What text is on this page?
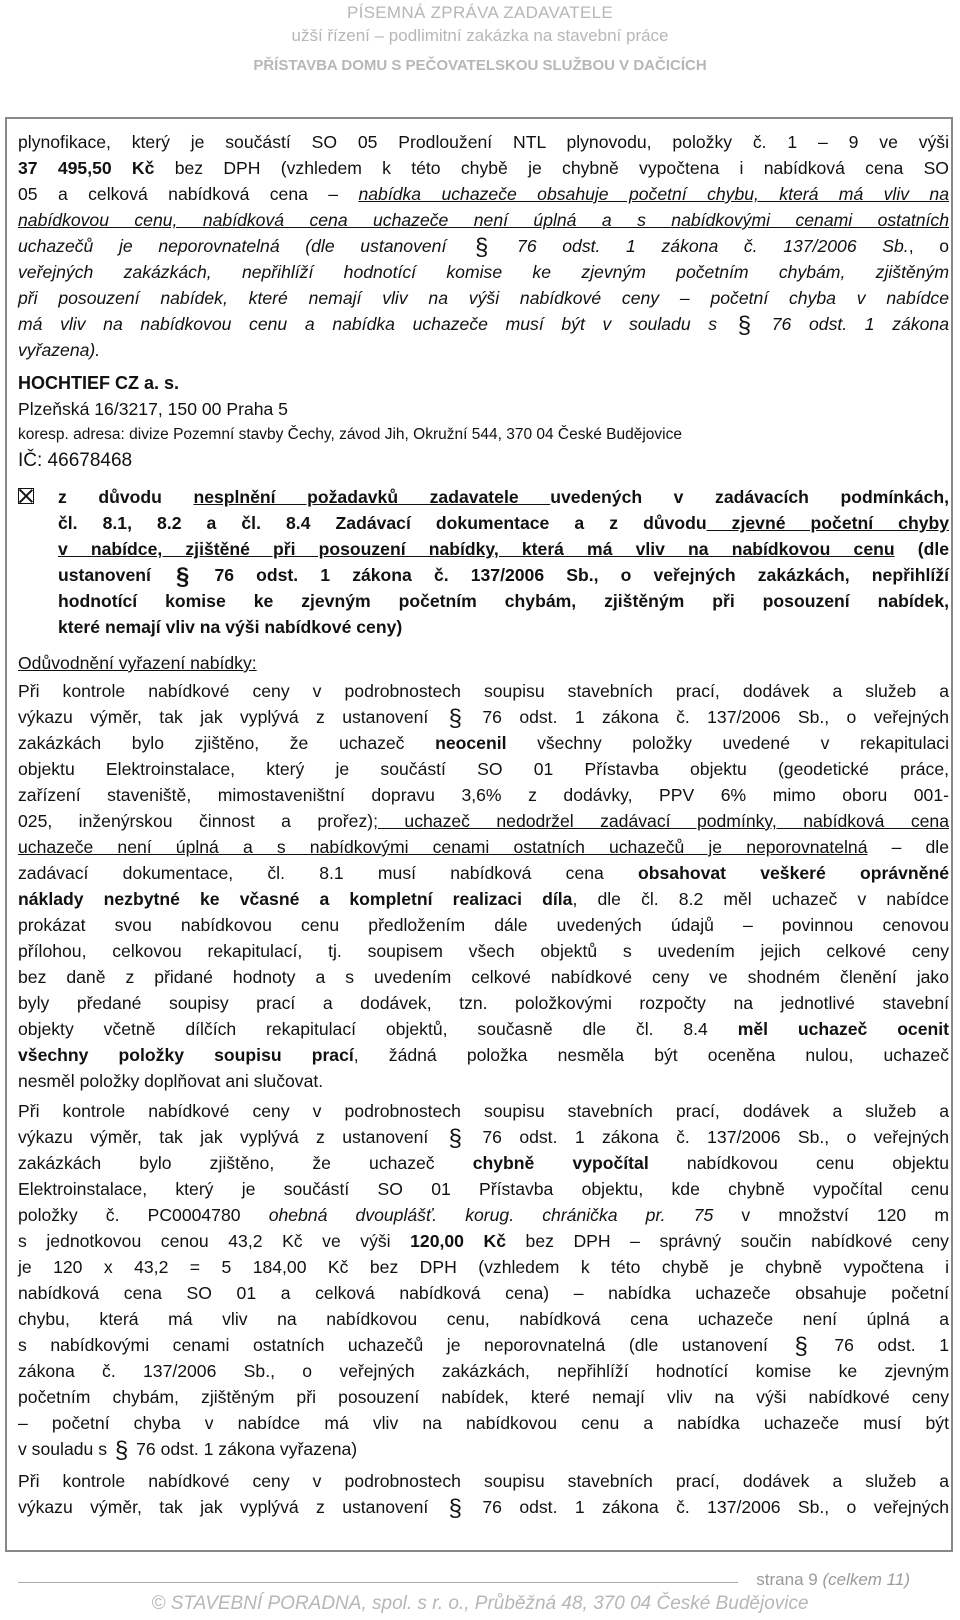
PÍSEMNÁ ZPRÁVA ZADAVATELE
užší řízení – podlimitní zakázka na stavební práce
PŘÍSTAVBA DOMU S PEČOVATELSKOU SLUŽBOU V DAČICÍCH
plynofikace, který je součástí SO 05 Prodloužení NTL plynovodu, položky č. 1 – 9 ve výši
37 495,50 Kč bez DPH (vzhledem k této chybě je chybně vypočtena i nabídková cena SO
05 a celková nabídková cena – nabídka uchazeče obsahuje početní chybu, která má vliv na
nabídkovou cenu, nabídková cena uchazeče není úplná a s nabídkovými cenami ostatních
uchazečů je neporovnatelná (dle ustanovení § 76 odst. 1 zákona č. 137/2006 Sb., o
veřejných zakázkách, nepřihlíží hodnotící komise ke zjevným početním chybám, zjištěným
při posouzení nabídek, které nemají vliv na výši nabídkové ceny – početní chyba v nabídce
má vliv na nabídkovou cenu a nabídka uchazeče musí být v souladu s § 76 odst. 1 zákona
vyřazena).
HOCHTIEF CZ a. s.
Plzeňská 16/3217, 150 00 Praha 5
koresp. adresa: divize Pozemní stavby Čechy, závod Jih, Okružní 544, 370 04 České Budějovice
IČ: 46678468
z důvodu nesplnění požadavků zadavatele uvedených v zadávacích podmínkách,
čl. 8.1, 8.2 a čl. 8.4 Zadávací dokumentace a z důvodu zjevné početní chyby
v nabídce, zjištěné při posouzení nabídky, která má vliv na nabídkovou cenu (dle
ustanovení § 76 odst. 1 zákona č. 137/2006 Sb., o veřejných zakázkách, nepřihlíží
hodnotící komise ke zjevným početním chybám, zjištěným při posouzení nabídek,
které nemají vliv na výši nabídkové ceny)
Odůvodnění vyřazení nabídky:
Při kontrole nabídkové ceny v podrobnostech soupisu stavebních prací, dodávek a služeb a
výkazu výměr, tak jak vyplývá z ustanovení § 76 odst. 1 zákona č. 137/2006 Sb., o veřejných
zakázkách bylo zjištěno, že uchazeč neocenil všechny položky uvedené v rekapitulaci
objektu Elektroinstalace, který je součástí SO 01 Přístavba objektu (geodetické práce,
zařízení staveniště, mimostaveništní dopravu 3,6% z dodávky, PPV 6% mimo oboru 001-
025, inženýrskou činnost a prořez); uchazeč nedodržel zadávací podmínky, nabídková cena
uchazeče není úplná a s nabídkovými cenami ostatních uchazečů je neporovnatelná – dle
zadávací dokumentace, čl. 8.1 musí nabídková cena obsahovat veškeré oprávněné
náklady nezbytné ke včasné a kompletní realizaci díla, dle čl. 8.2 měl uchazeč v nabídce
prokázat svou nabídkovou cenu předložením dále uvedených údajů – povinnou cenovou
přílohou, celkovou rekapitulací, tj. soupisem všech objektů s uvedením jejich celkové ceny
bez daně z přidané hodnoty a s uvedením celkové nabídkové ceny ve shodném členění jako
byly předané soupisy prací a dodávek, tzn. položkovými rozpočty na jednotlivé stavební
objekty včetně dílčích rekapitulací objektů, současně dle čl. 8.4 měl uchazeč ocenit
všechny položky soupisu prací, žádná položka nesměla být oceněna nulou, uchazeč
nesměl položky doplňovat ani slučovat.
Při kontrole nabídkové ceny v podrobnostech soupisu stavebních prací, dodávek a služeb a
výkazu výměr, tak jak vyplývá z ustanovení § 76 odst. 1 zákona č. 137/2006 Sb., o veřejných
zakázkách bylo zjištěno, že uchazeč chybně vypočítal nabídkovou cenu objektu
Elektroinstalace, který je součástí SO 01 Přístavba objektu, kde chybně vypočítal cenu
položky č. PC0004780 ohebná dvouplášť. korug. chránička pr. 75 v množství 120 m
s jednotkovou cenou 43,2 Kč ve výši 120,00 Kč bez DPH – správný součin nabídkové ceny
je 120 x 43,2 = 5 184,00 Kč bez DPH (vzhledem k této chybě je chybně vypočtena i
nabídková cena SO 01 a celková nabídková cena) – nabídka uchazeče obsahuje početní
chybu, která má vliv na nabídkovou cenu, nabídková cena uchazeče není úplná a
s nabídkovými cenami ostatních uchazečů je neporovnatelná (dle ustanovení § 76 odst. 1
zákona č. 137/2006 Sb., o veřejných zakázkách, nepřihlíží hodnotící komise ke zjevným
početním chybám, zjištěným při posouzení nabídek, které nemají vliv na výši nabídkové ceny
– početní chyba v nabídce má vliv na nabídkovou cenu a nabídka uchazeče musí být
v souladu s § 76 odst. 1 zákona vyřazena)
Při kontrole nabídkové ceny v podrobnostech soupisu stavebních prací, dodávek a služeb a
výkazu výměr, tak jak vyplývá z ustanovení § 76 odst. 1 zákona č. 137/2006 Sb., o veřejných
strana 9 (celkem 11)
© STAVEBNÍ PORADNA, spol. s r. o., Průběžná 48, 370 04 České Budějovice
